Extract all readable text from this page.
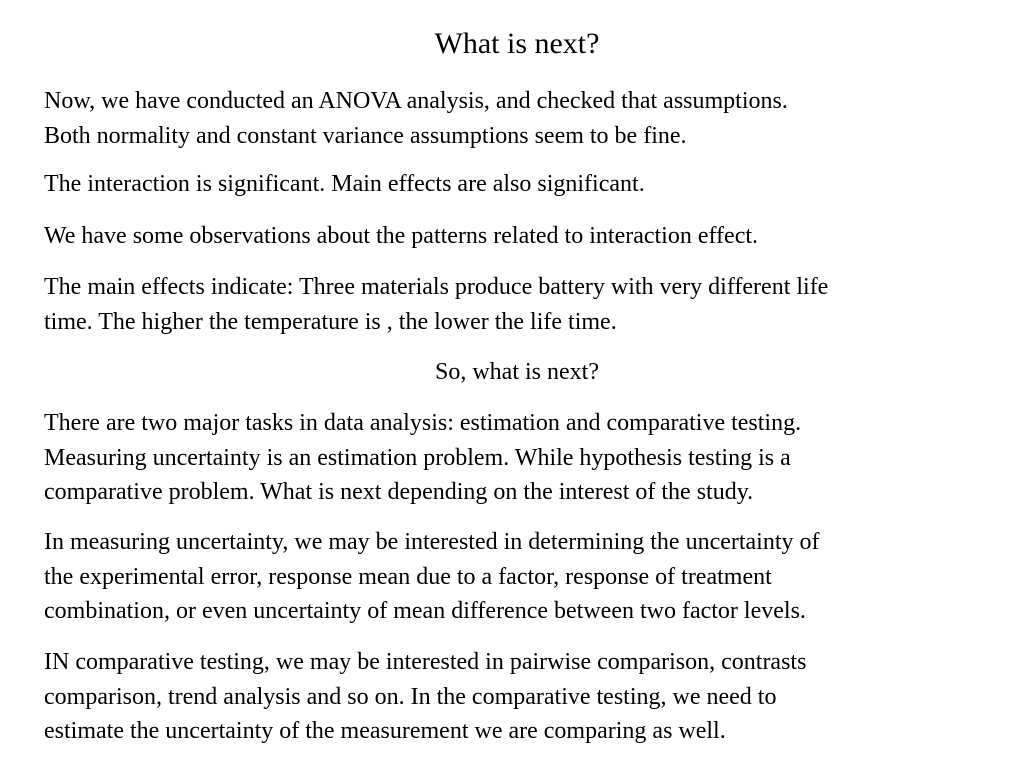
What is next?

Now, we have conducted an ANOVA analysis, and checked that assumptions.
Both normality and constant variance assumptions seem to be fine.

The interaction is significant. Main effects are also significant.

We have some observations about the patterns related to interaction effect.

The main effects indicate: Three materials produce battery with very different life
time. The higher the temperature is , the lower the life time.

So, what is next?

There are two major tasks in data analysis: estimation and comparative testing.
Measuring uncertainty is an estimation problem. While hypothesis testing is a
comparative problem. What is next depending on the interest of the study.

In measuring uncertainty, we may be interested in determining the uncertainty of
the experimental error, response mean due to a factor, response of treatment
combination, or even uncertainty of mean difference between two factor levels.

IN comparative testing, we may be interested in pairwise comparison, contrasts
comparison, trend analysis and so on. In the comparative testing, we need to
estimate the uncertainty of the measurement we are comparing as well.
